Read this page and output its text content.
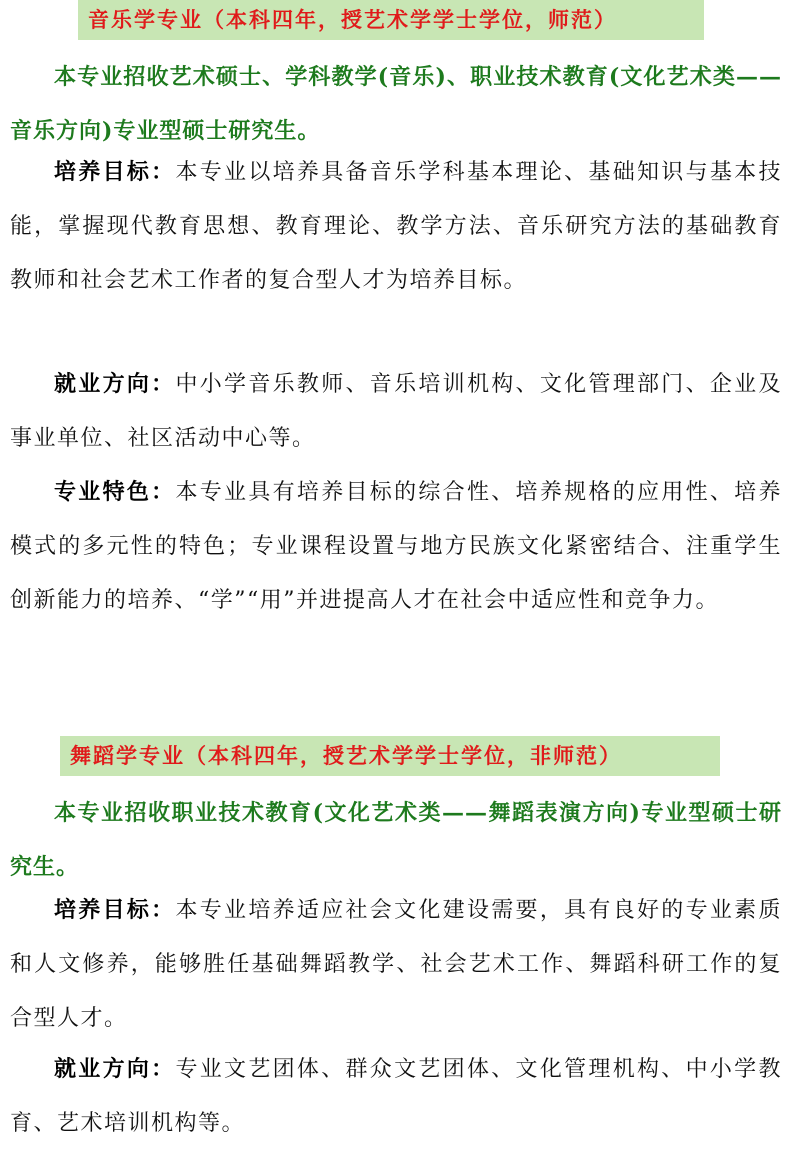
音乐学专业（本科四年，授艺术学学士学位，师范）

本专业招收艺术硕士、学科教学(音乐)、职业技术教育(文化艺术类——音乐方向)专业型硕士研究生。

培养目标：本专业以培养具备音乐学科基本理论、基础知识与基本技能，掌握现代教育思想、教育理论、教学方法、音乐研究方法的基础教育教师和社会艺术工作者的复合型人才为培养目标。

就业方向：中小学音乐教师、音乐培训机构、文化管理部门、企业及事业单位、社区活动中心等。

专业特色：本专业具有培养目标的综合性、培养规格的应用性、培养模式的多元性的特色；专业课程设置与地方民族文化紧密结合、注重学生创新能力的培养、“学”“用”并进提高人才在社会中适应性和竞争力。

舞蹈学专业（本科四年，授艺术学学士学位，非师范）

本专业招收职业技术教育(文化艺术类——舞蹈表演方向)专业型硕士研究生。

培养目标：本专业培养适应社会文化建设需要，具有良好的专业素质和人文修养，能够胜任基础舞蹈教学、社会艺术工作、舞蹈科研工作的复合型人才。

就业方向：专业文艺团体、群众文艺团体、文化管理机构、中小学教育、艺术培训机构等。
